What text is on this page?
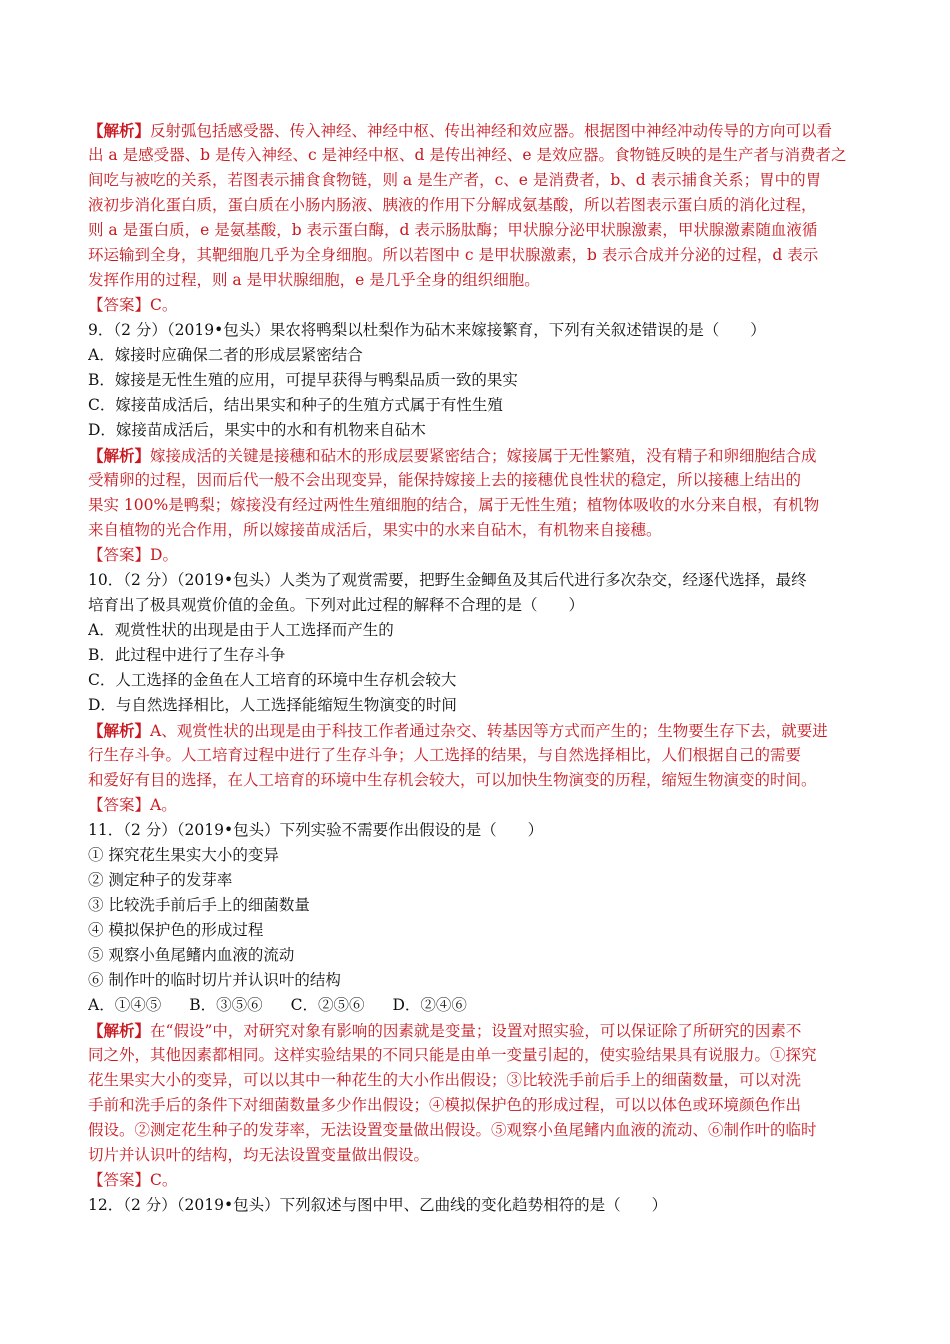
【解析】反射弧包括感受器、传入神经、神经中枢、传出神经和效应器。根据图中神经冲动传导的方向可以看
出 a 是感受器、b 是传入神经、c 是神经中枢、d 是传出神经、e 是效应器。食物链反映的是生产者与消费者之
间吃与被吃的关系，若图表示捕食食物链，则 a 是生产者，c、e 是消费者，b、d 表示捕食关系；胃中的胃
液初步消化蛋白质，蛋白质在小肠内肠液、胰液的作用下分解成氨基酸，所以若图表示蛋白质的消化过程，
则 a 是蛋白质，e 是氨基酸，b 表示蛋白酶，d 表示肠肽酶；甲状腺分泌甲状腺激素，甲状腺激素随血液循
环运输到全身，其靶细胞几乎为全身细胞。所以若图中 c 是甲状腺激素，b 表示合成并分泌的过程，d 表示
发挥作用的过程，则 a 是甲状腺细胞，e 是几乎全身的组织细胞。
【答案】C。
9．（2 分）（2019•包头）果农将鸭梨以杜梨作为砧木来嫁接繁育，下列有关叙述错误的是（　　）
A．嫁接时应确保二者的形成层紧密结合
B．嫁接是无性生殖的应用，可提早获得与鸭梨品质一致的果实
C．嫁接苗成活后，结出果实和种子的生殖方式属于有性生殖
D．嫁接苗成活后，果实中的水和有机物来自砧木
【解析】嫁接成活的关键是接穗和砧木的形成层要紧密结合；嫁接属于无性繁殖，没有精子和卵细胞结合成
受精卵的过程，因而后代一般不会出现变异，能保持嫁接上去的接穗优良性状的稳定，所以接穗上结出的
果实 100%是鸭梨；嫁接没有经过两性生殖细胞的结合，属于无性生殖；植物体吸收的水分来自根，有机物
来自植物的光合作用，所以嫁接苗成活后，果实中的水来自砧木，有机物来自接穗。
【答案】D。
10．（2 分）（2019•包头）人类为了观赏需要，把野生金鲫鱼及其后代进行多次杂交，经逐代选择，最终
培育出了极具观赏价值的金鱼。下列对此过程的解释不合理的是（　　）
A．观赏性状的出现是由于人工选择而产生的
B．此过程中进行了生存斗争
C．人工选择的金鱼在人工培育的环境中生存机会较大
D．与自然选择相比，人工选择能缩短生物演变的时间
【解析】A、观赏性状的出现是由于科技工作者通过杂交、转基因等方式而产生的；生物要生存下去，就要进
行生存斗争。人工培育过程中进行了生存斗争；人工选择的结果，与自然选择相比，人们根据自己的需要
和爱好有目的选择，在人工培育的环境中生存机会较大，可以加快生物演变的历程，缩短生物演变的时间。
【答案】A。
11．（2 分）（2019•包头）下列实验不需要作出假设的是（　　）
① 探究花生果实大小的变异
② 测定种子的发芽率
③ 比较洗手前后手上的细菌数量
④ 模拟保护色的形成过程
⑤ 观察小鱼尾鳍内血液的流动
⑥ 制作叶的临时切片并认识叶的结构
A．①④⑤ B．③⑤⑥ C．②⑤⑥ D．②④⑥
【解析】在“假设”中，对研究对象有影响的因素就是变量；设置对照实验，可以保证除了所研究的因素不
同之外，其他因素都相同。这样实验结果的不同只能是由单一变量引起的，使实验结果具有说服力。①探究
花生果实大小的变异，可以以其中一种花生的大小作出假设；③比较洗手前后手上的细菌数量，可以对洗
手前和洗手后的条件下对细菌数量多少作出假设；④模拟保护色的形成过程，可以以体色或环境颜色作出
假设。②测定花生种子的发芽率，无法设置变量做出假设。⑤观察小鱼尾鳍内血液的流动、⑥制作叶的临时
切片并认识叶的结构，均无法设置变量做出假设。
【答案】C。
12．（2 分）（2019•包头）下列叙述与图中甲、乙曲线的变化趋势相符的是（　　）
